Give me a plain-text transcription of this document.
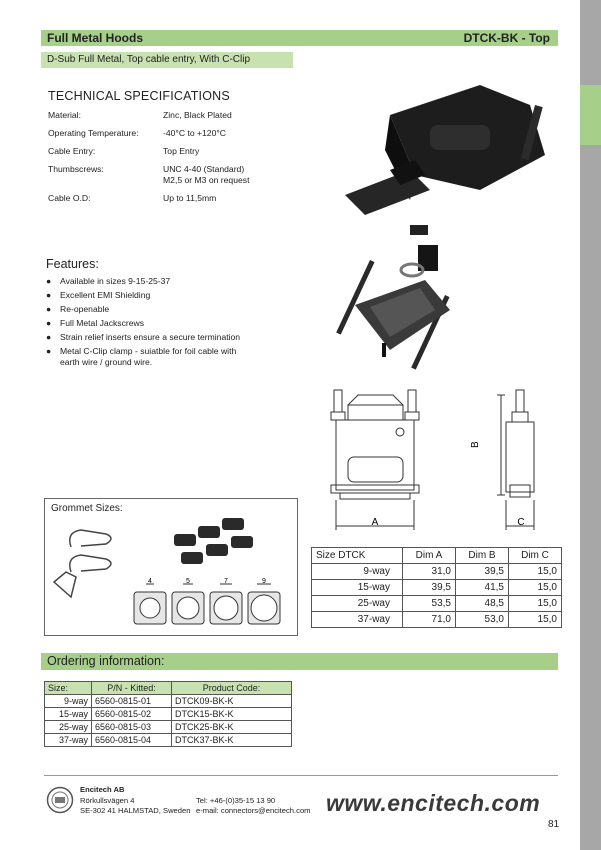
Full Metal Hoods	DTCK-BK - Top
D-Sub Full Metal, Top cable entry, With C-Clip
TECHNICAL SPECIFICATIONS
Material:	Zinc, Black Plated
Operating Temperature:	-40°C to +120°C
Cable Entry:	Top Entry
Thumbscrews:	UNC 4-40 (Standard)
M2,5 or M3 on request
Cable O.D:	Up to 11,5mm
Features:
● Available in sizes 9-15-25-37
● Excellent EMI Shielding
● Re-openable
● Full Metal Jackscrews
● Strain relief inserts ensure a secure termination
● Metal C-Clip clamp - suiatble for foil cable with
earth wire / ground wire.
A
B
C
Grommet Sizes:
4	5	7	9
Size DTCK	Dim A	Dim B	Dim C
9-way	31,0	39,5	15,0
15-way	39,5	41,5	15,0
25-way	53,5	48,5	15,0
37-way	71,0	53,0	15,0
Ordering information:
Size:	P/N - Kitted:	Product Code:
9-way	6560-0815-01	DTCK09-BK-K
15-way	6560-0815-02	DTCK15-BK-K
25-way	6560-0815-03	DTCK25-BK-K
37-way	6560-0815-04	DTCK37-BK-K
Encitech AB
Rörkullsvägen 4
SE-302 41 HALMSTAD, Sweden
Tel: +46-(0)35-15 13 90
e-mail: connectors@encitech.com www.encitech.com
81
